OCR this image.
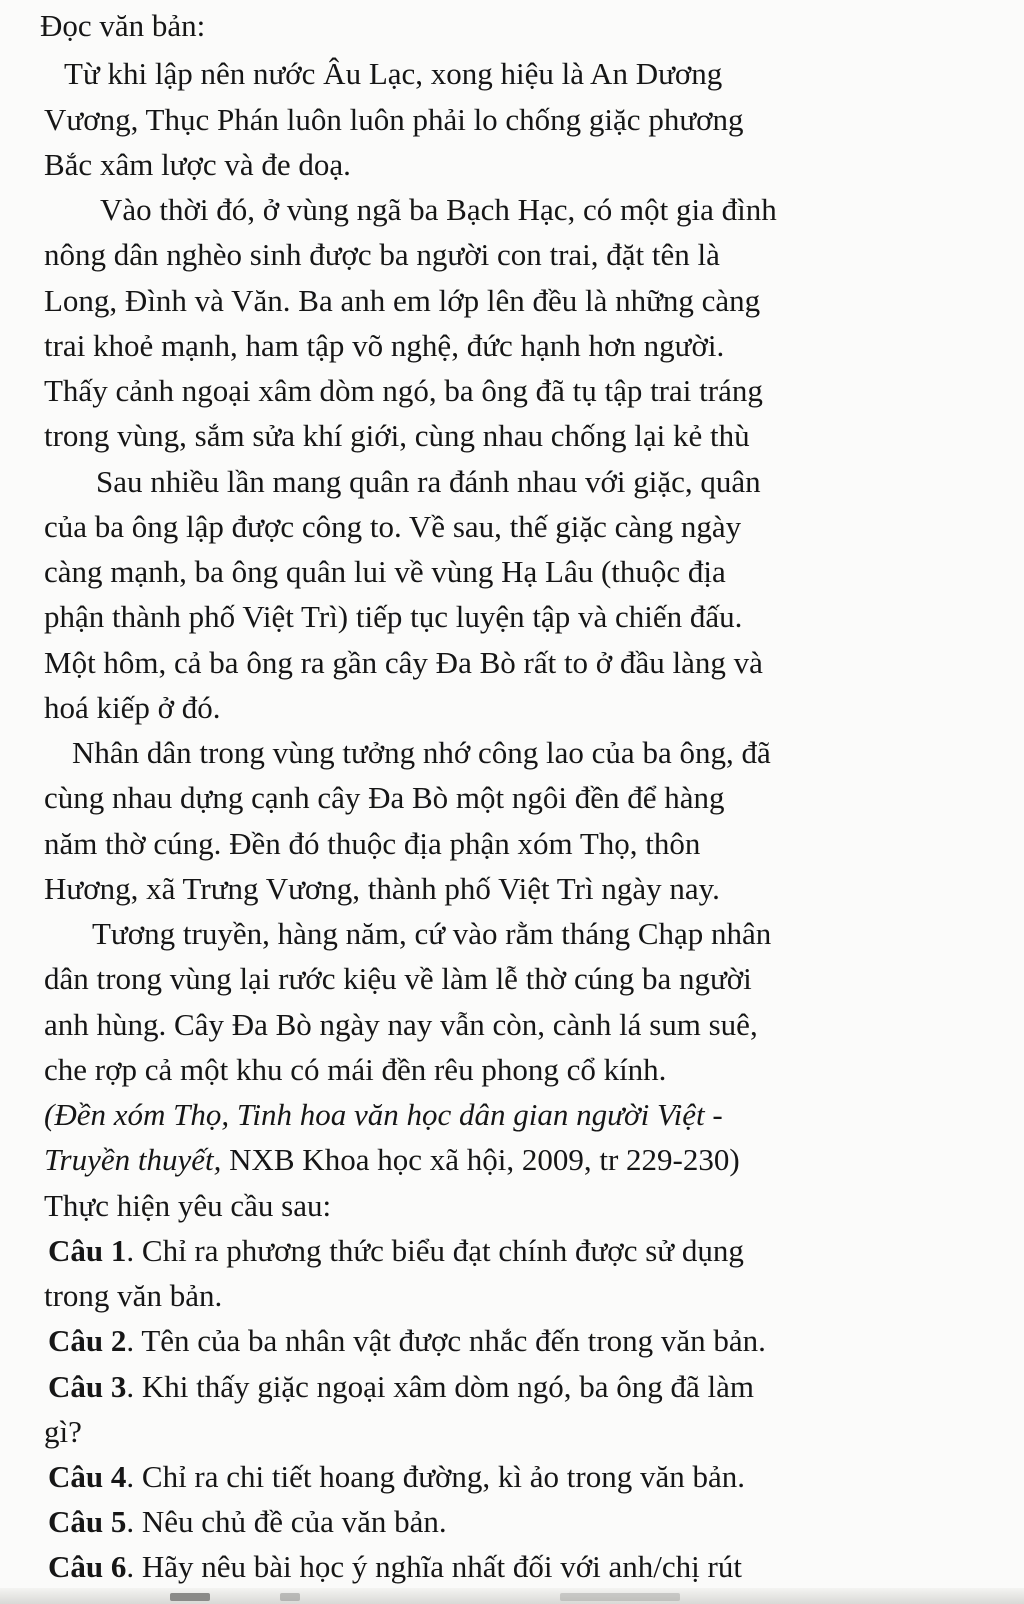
Đọc văn bản:
Từ khi lập nên nước Âu Lạc, xong hiệu là An Dương
Vương, Thục Phán luôn luôn phải lo chống giặc phương
Bắc xâm lược và đe doạ.
Vào thời đó, ở vùng ngã ba Bạch Hạc, có một gia đình
nông dân nghèo sinh được ba người con trai, đặt tên là
Long, Đình và Văn. Ba anh em lớp lên đều là những càng
trai khoẻ mạnh, ham tập võ nghệ, đức hạnh hơn người.
Thấy cảnh ngoại xâm dòm ngó, ba ông đã tụ tập trai tráng
trong vùng, sắm sửa khí giới, cùng nhau chống lại kẻ thù
Sau nhiều lần mang quân ra đánh nhau với giặc, quân
của ba ông lập được công to. Về sau, thế giặc càng ngày
càng mạnh, ba ông quân lui về vùng Hạ Lâu (thuộc địa
phận thành phố Việt Trì) tiếp tục luyện tập và chiến đấu.
Một hôm, cả ba ông ra gần cây Đa Bò rất to ở đầu làng và
hoá kiếp ở đó.
Nhân dân trong vùng tưởng nhớ công lao của ba ông, đã
cùng nhau dựng cạnh cây Đa Bò một ngôi đền để hàng
năm thờ cúng. Đền đó thuộc địa phận xóm Thọ, thôn
Hương, xã Trưng Vương, thành phố Việt Trì ngày nay.
Tương truyền, hàng năm, cứ vào rằm tháng Chạp nhân
dân trong vùng lại rước kiệu về làm lễ thờ cúng ba người
anh hùng. Cây Đa Bò ngày nay vẫn còn, cành lá sum suê,
che rợp cả một khu có mái đền rêu phong cổ kính.
(Đền xóm Thọ, Tinh hoa văn học dân gian người Việt -
Truyền thuyết, NXB Khoa học xã hội, 2009, tr 229-230)
Thực hiện yêu cầu sau:
Câu 1. Chỉ ra phương thức biểu đạt chính được sử dụng
trong văn bản.
Câu 2. Tên của ba nhân vật được nhắc đến trong văn bản.
Câu 3. Khi thấy giặc ngoại xâm dòm ngó, ba ông đã làm
gì?
Câu 4. Chỉ ra chi tiết hoang đường, kì ảo trong văn bản.
Câu 5. Nêu chủ đề của văn bản.
Câu 6. Hãy nêu bài học ý nghĩa nhất đối với anh/chị rút
